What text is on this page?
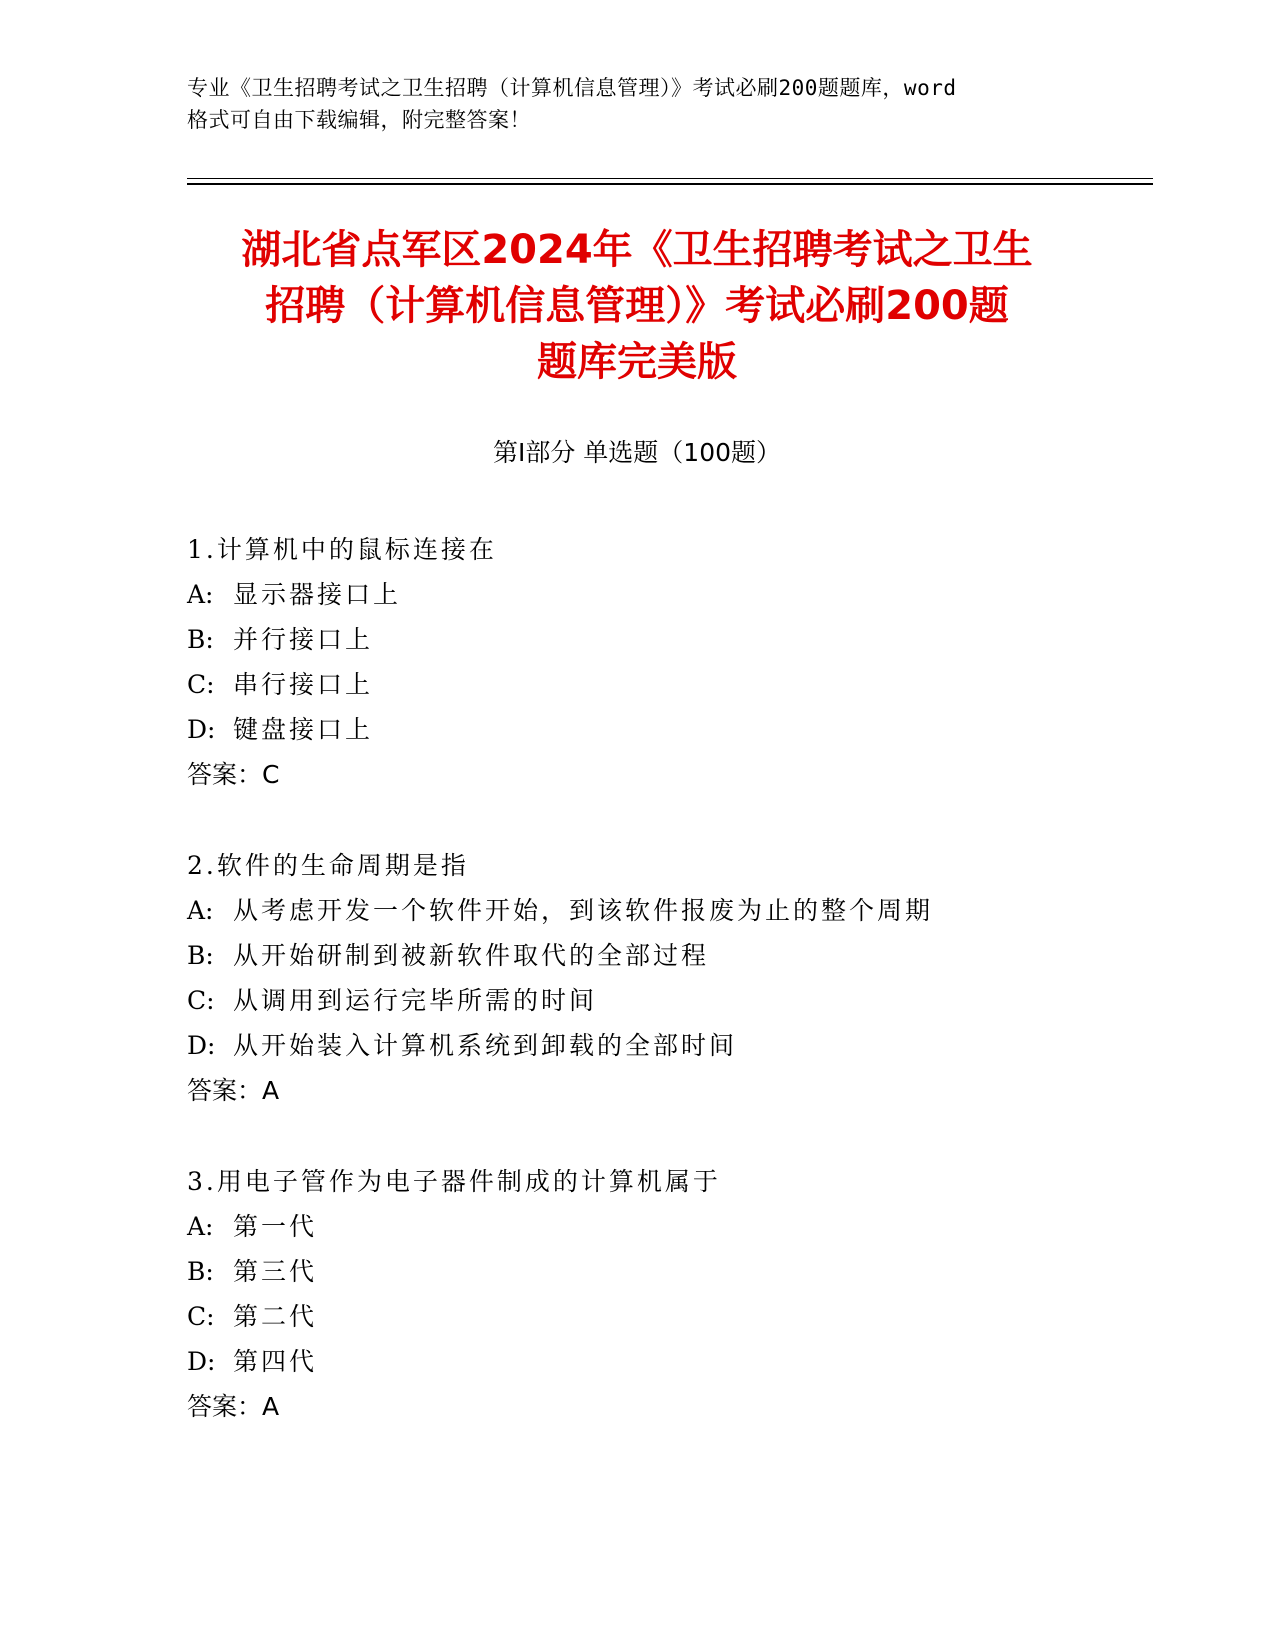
专业《卫生招聘考试之卫生招聘（计算机信息管理）》考试必刷200题题库，word
格式可自由下载编辑，附完整答案！
湖北省点军区2024年《卫生招聘考试之卫生
招聘（计算机信息管理）》考试必刷200题
题库完美版
第Ⅰ部分 单选题（100题）
1.计算机中的鼠标连接在
A: 显示器接口上
B: 并行接口上
C: 串行接口上
D: 键盘接口上
答案：C
2.软件的生命周期是指
A: 从考虑开发一个软件开始，到该软件报废为止的整个周期
B: 从开始研制到被新软件取代的全部过程
C: 从调用到运行完毕所需的时间
D: 从开始装入计算机系统到卸载的全部时间
答案：A
3.用电子管作为电子器件制成的计算机属于
A: 第一代
B: 第三代
C: 第二代
D: 第四代
答案：A
